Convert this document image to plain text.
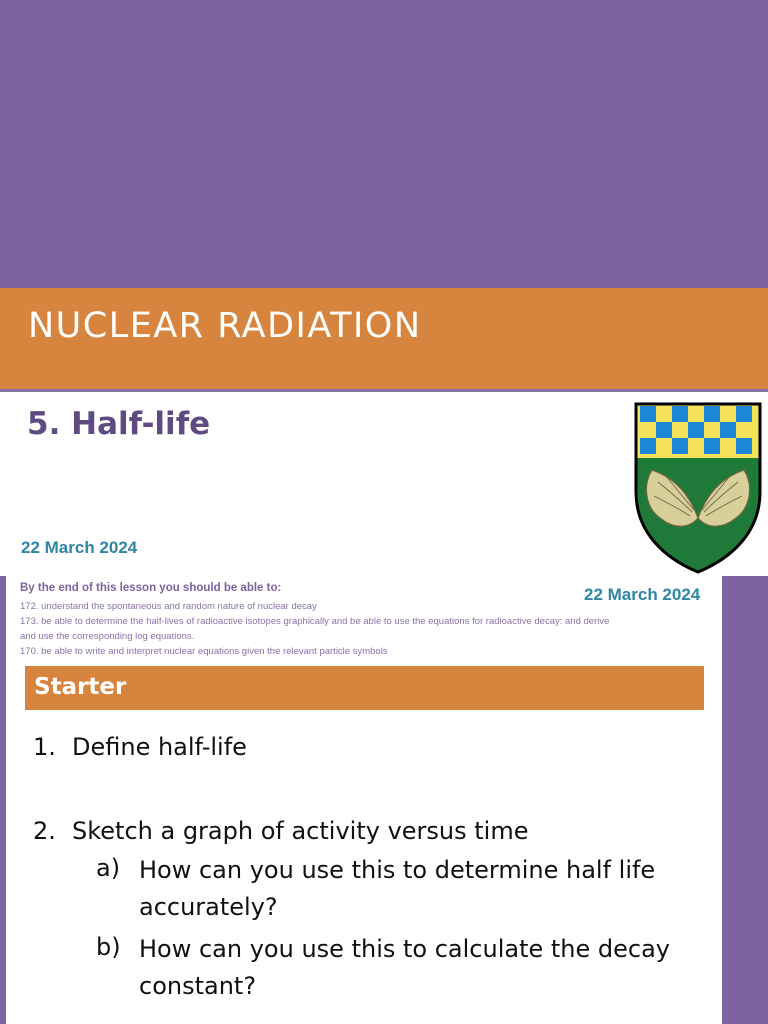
NUCLEAR RADIATION
5. Half-life
22 March 2024
By the end of this lesson you should be able to:
172. understand the spontaneous and random nature of nuclear decay
173. be able to determine the half-lives of radioactive isotopes graphically and be able to use the equations for radioactive decay: and derive and use the corresponding log equations.
170. be able to write and interpret nuclear equations given the relevant particle symbols
22 March 2024
Starter
1. Define half-life
2. Sketch a graph of activity versus time
a) How can you use this to determine half life accurately?
b) How can you use this to calculate the decay constant?
